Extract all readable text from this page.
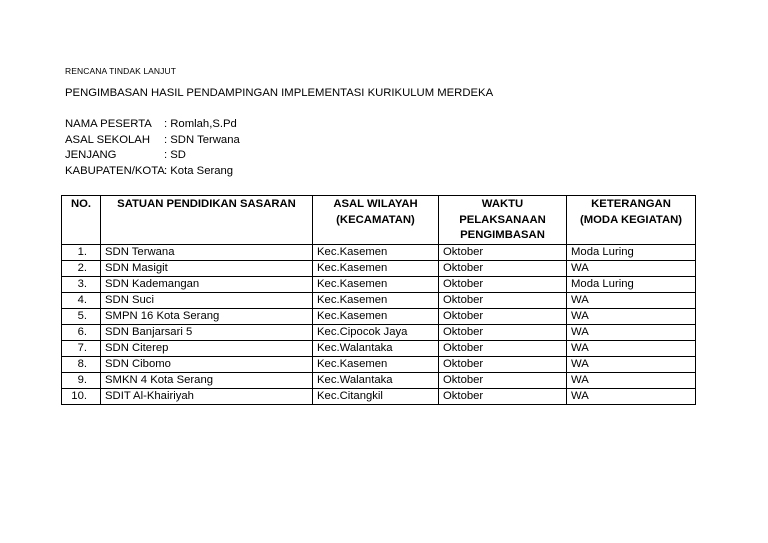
RENCANA TINDAK LANJUT
PENGIMBASAN HASIL PENDAMPINGAN IMPLEMENTASI KURIKULUM MERDEKA
NAMA PESERTA	: Romlah,S.Pd
ASAL SEKOLAH	: SDN Terwana
JENJANG	: SD
KABUPATEN/KOTA : Kota Serang
NO.	SATUAN PENDIDIKAN SASARAN	ASAL WILAYAH (KECAMATAN)	WAKTU PELAKSANAAN PENGIMBASAN	KETERANGAN (MODA KEGIATAN)
1.	SDN Terwana	Kec.Kasemen	Oktober	Moda Luring
2.	SDN Masigit	Kec.Kasemen	Oktober	WA
3.	SDN Kademangan	Kec.Kasemen	Oktober	Moda Luring
4.	SDN Suci	Kec.Kasemen	Oktober	WA
5.	SMPN 16 Kota Serang	Kec.Kasemen	Oktober	WA
6.	SDN Banjarsari 5	Kec.Cipocok Jaya	Oktober	WA
7.	SDN Citerep	Kec.Walantaka	Oktober	WA
8.	SDN Cibomo	Kec.Kasemen	Oktober	WA
9.	SMKN 4 Kota Serang	Kec.Walantaka	Oktober	WA
10.	SDIT Al-Khairiyah	Kec.Citangkil	Oktober	WA
